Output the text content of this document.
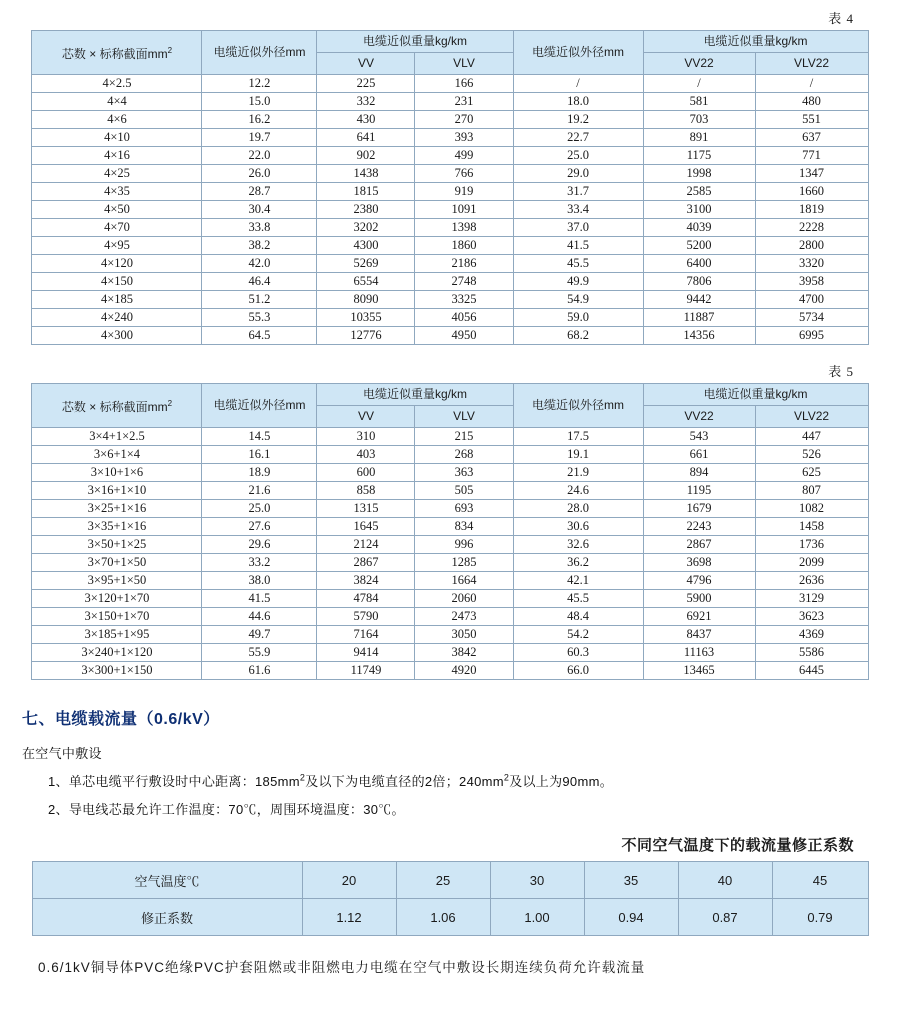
表 4
芯数 × 标称截面$mm^2$	电缆近似外径mm	电缆近似重量kg/km		电缆近似外径mm	电缆近似重量kg/km	
		VV	VLV		VV22	VLV22
4×2.5	12.2	225	166	/	/	/
4×4	15.0	332	231	18.0	581	480
4×6	16.2	430	270	19.2	703	551
4×10	19.7	641	393	22.7	891	637
4×16	22.0	902	499	25.0	1175	771
4×25	26.0	1438	766	29.0	1998	1347
4×35	28.7	1815	919	31.7	2585	1660
4×50	30.4	2380	1091	33.4	3100	1819
4×70	33.8	3202	1398	37.0	4039	2228
4×95	38.2	4300	1860	41.5	5200	2800
4×120	42.0	5269	2186	45.5	6400	3320
4×150	46.4	6554	2748	49.9	7806	3958
4×185	51.2	8090	3325	54.9	9442	4700
4×240	55.3	10355	4056	59.0	11887	5734
4×300	64.5	12776	4950	68.2	14356	6995
表 5
芯数 × 标称截面$mm^2$	电缆近似外径mm	电缆近似重量kg/km		电缆近似外径mm	电缆近似重量kg/km	
		VV	VLV		VV22	VLV22
3×4+1×2.5	14.5	310	215	17.5	543	447
3×6+1×4	16.1	403	268	19.1	661	526
3×10+1×6	18.9	600	363	21.9	894	625
3×16+1×10	21.6	858	505	24.6	1195	807
3×25+1×16	25.0	1315	693	28.0	1679	1082
3×35+1×16	27.6	1645	834	30.6	2243	1458
3×50+1×25	29.6	2124	996	32.6	2867	1736
3×70+1×50	33.2	2867	1285	36.2	3698	2099
3×95+1×50	38.0	3824	1664	42.1	4796	2636
3×120+1×70	41.5	4784	2060	45.5	5900	3129
3×150+1×70	44.6	5790	2473	48.4	6921	3623
3×185+1×95	49.7	7164	3050	54.2	8437	4369
3×240+1×120	55.9	9414	3842	60.3	11163	5586
3×300+1×150	61.6	11749	4920	66.0	13465	6445
七、电缆载流量（0.6/kV）
在空气中敷设
1、单芯电缆平行敷设时中心距离：$185mm^2$及以下为电缆直径的2倍；$240mm^2$及以上为90mm。
2、导电线芯最允许工作温度：70℃，周围环境温度：30℃。
不同空气温度下的载流量修正系数
空气温度℃	20	25	30	35	40	45
修正系数	1.12	1.06	1.00	0.94	0.87	0.79
0.6/1kV铜导体PVC绝缘PVC护套阻燃或非阻燃电力电缆在空气中敷设长期连续负荷允许载流量
